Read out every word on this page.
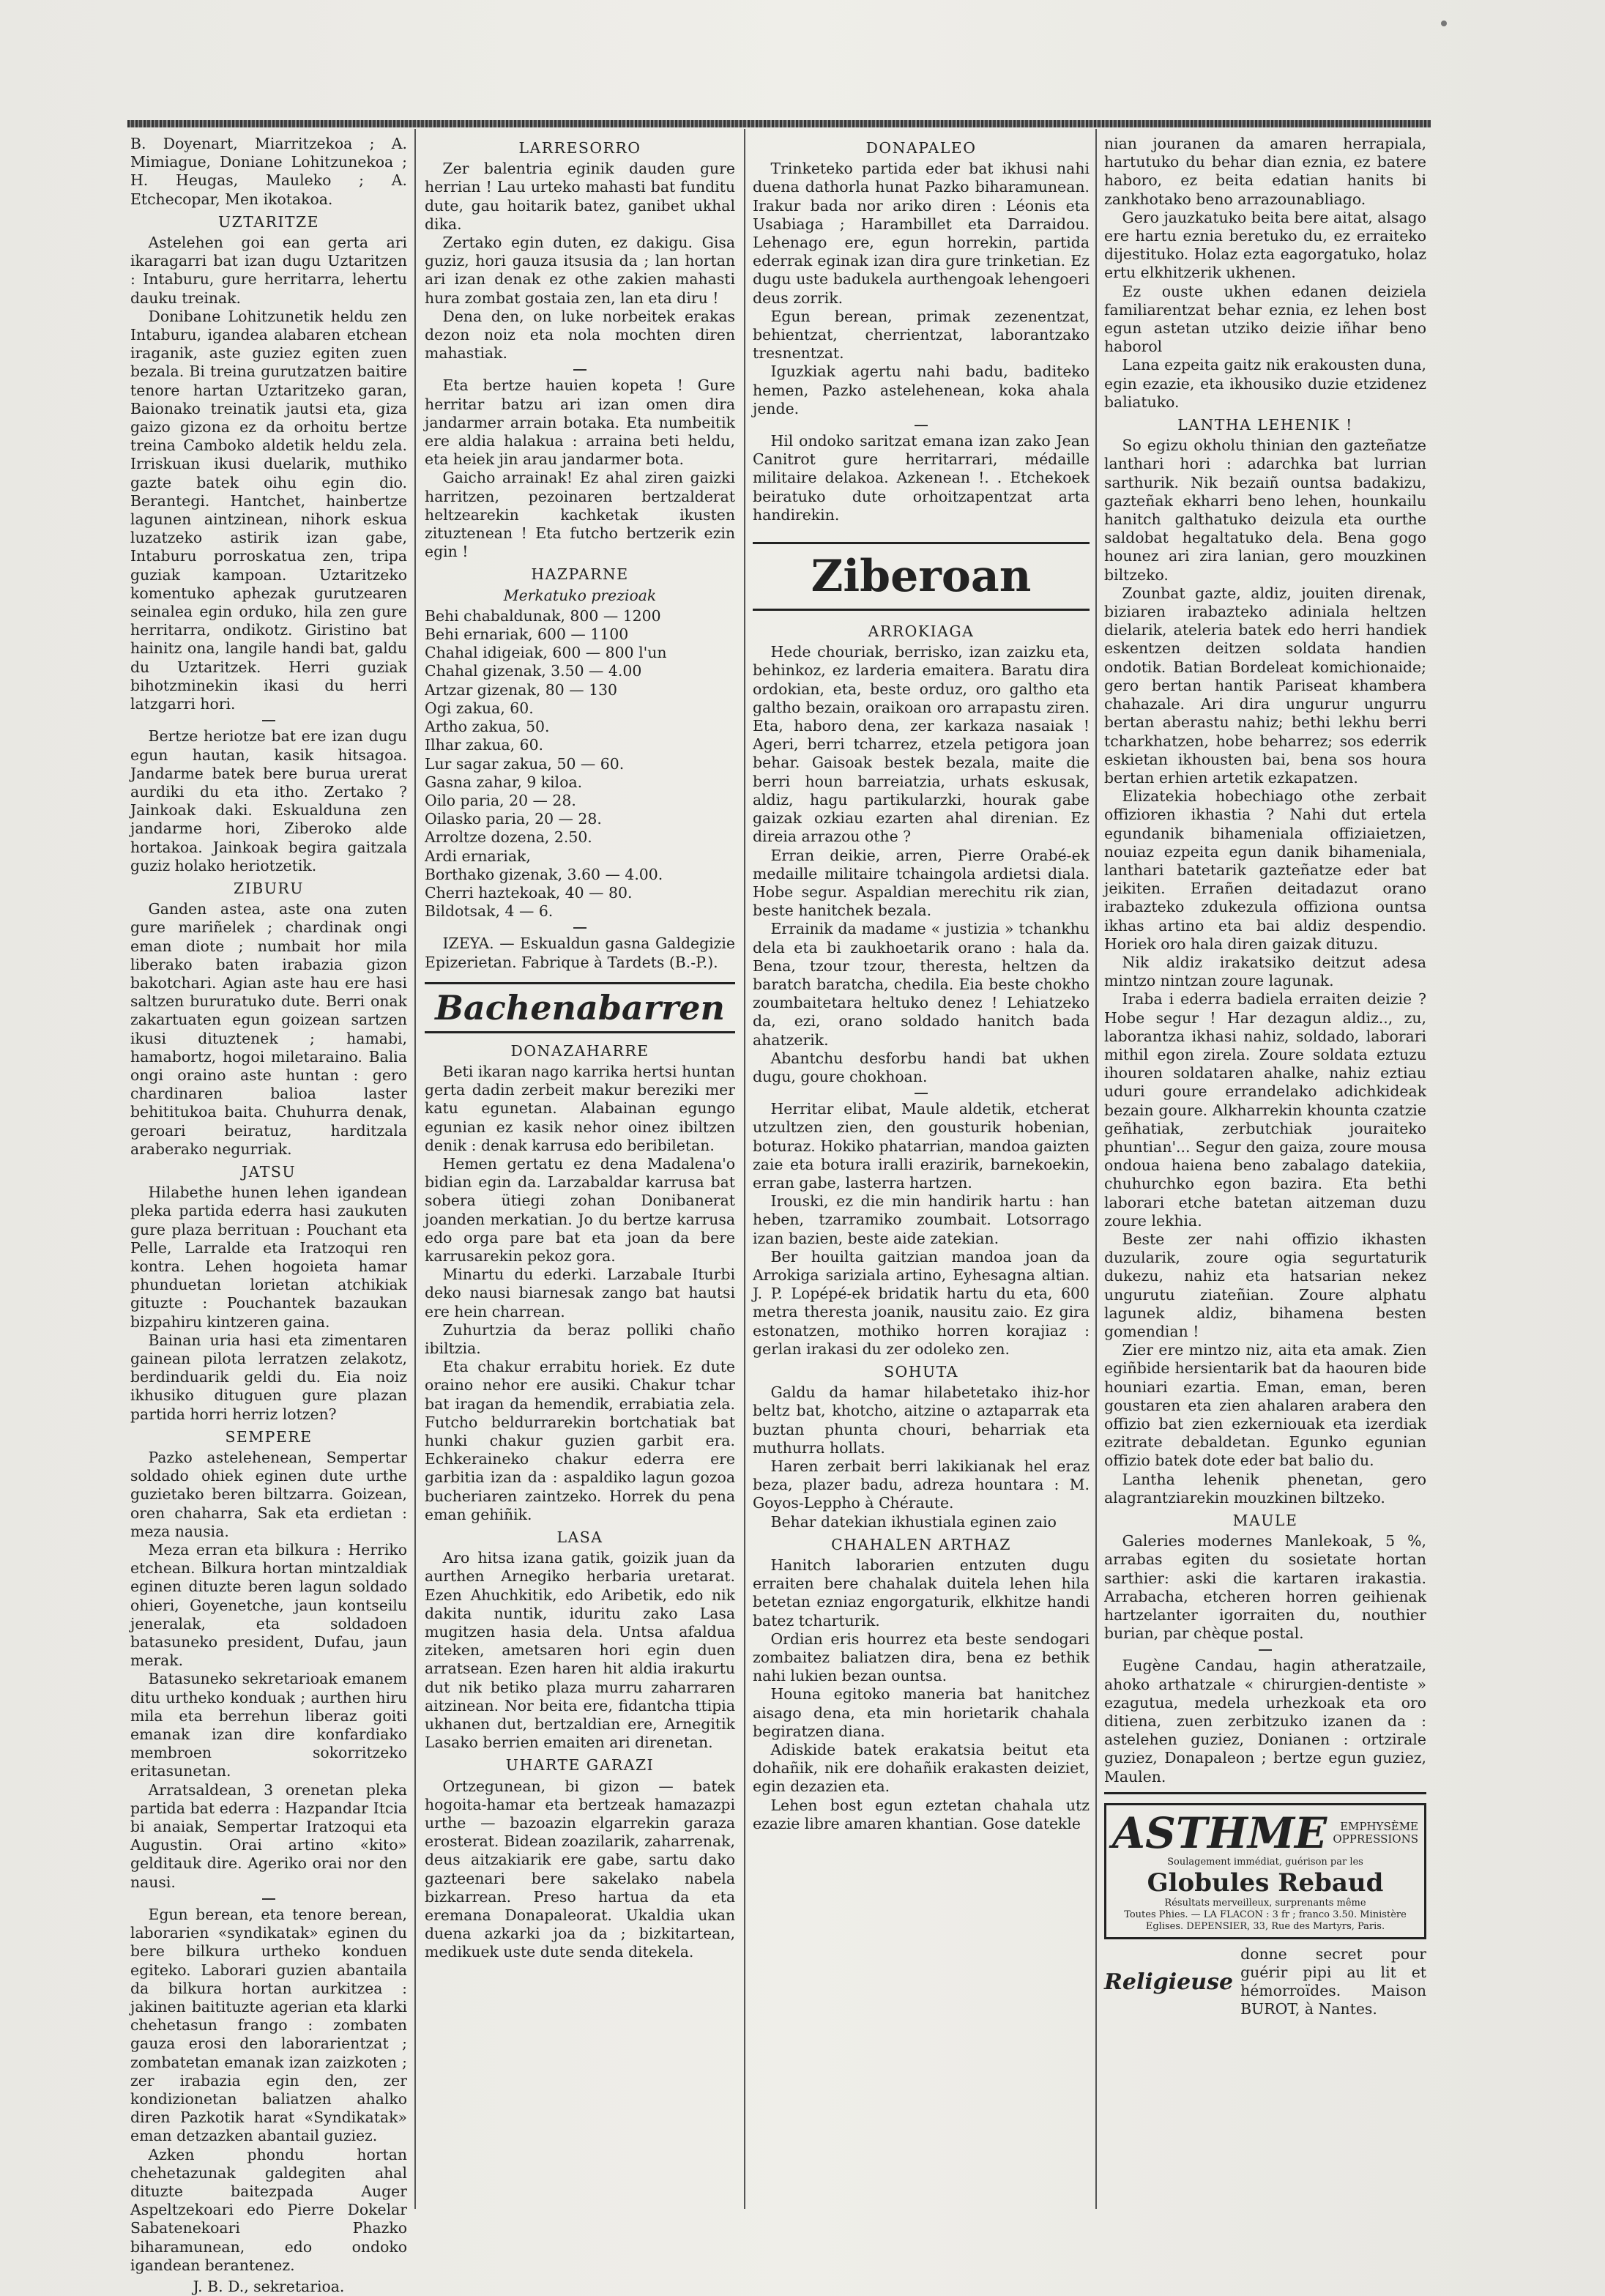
B. Doyenart, Miarritzekoa ; A. Mimiague, Doniane Lohitzunekoa ; H. Heugas, Mauleko ; A. Etchecopar, Men ikotakoa.

UZTARITZE

Astelehen goi ean gerta ari ikaragarri bat izan dugu Uztaritzen : Intaburu, gure herritarra, lehertu dauku treinak.

Donibane Lohitzunetik heldu zen Intaburu, igandea alabaren etchean iraganik, aste guziez egiten zuen bezala. Bi treina gurutzatzen baitire tenore hartan Uztaritzeko garan, Baionako treinatik jautsi eta, giza gaizo gizona ez da orhoitu bertze treina Camboko aldetik heldu zela. Irriskuan ikusi duelarik, muthiko gazte batek oihu egin dio. Berantegi. Hantchet, hainbertze lagunen aintzinean, nihork eskua luzatzeko astirik izan gabe, Intaburu porroskatua zen, tripa guziak kampoan. Uztaritzeko komentuko aphezak gurutzearen seinalea egin orduko, hila zen gure herritarra, ondikotz. Giristino bat hainitz ona, langile handi bat, galdu du Uztaritzek. Herri guziak bihotzminekin ikasi du herri latzgarri hori.

Bertze heriotze bat ere izan dugu egun hautan, kasik hitsagoa. Jandarme batek bere burua urerat aurdiki du eta itho. Zertako ? Jainkoak daki. Eskualduna zen jandarme hori, Ziberoko alde hortakoa. Jainkoak begira gaitzala guziz holako heriotzetik.

ZIBURU

Ganden astea, aste ona zuten gure mariñelek ; chardinak ongi eman diote ; numbait hor mila liberako baten irabazia gizon bakotchari. Agian aste hau ere hasi saltzen bururatuko dute. Berri onak zakartuaten egun goizean sartzen ikusi dituztenek ; hamabi, hamabortz, hogoi miletaraino. Balia ongi oraino aste huntan : gero chardinaren balioa laster behititukoa baita. Chuhurra denak, geroari beiratuz, harditzala araberako negurriak.

JATSU

Hilabethe hunen lehen igandean pleka partida ederra hasi zaukuten gure plaza berrituan : Pouchant eta Pelle, Larralde eta Iratzoqui ren kontra. Lehen hogoieta hamar phunduetan lorietan atchikiak gituzte : Pouchantek bazaukan bizpahiru kintzeren gaina.

Bainan uria hasi eta zimentaren gainean pilota lerratzen zelakotz, berdinduarik geldi du. Eia noiz ikhusiko dituguen gure plazan partida horri herriz lotzen?

SEMPERE

Pazko astelehenean, Sempertar soldado ohiek eginen dute urthe guzietako beren biltzarra. Goizean, oren chaharra, Sak eta erdietan : meza nausia.

Meza erran eta bilkura : Herriko etchean. Bilkura hortan mintzaldiak eginen dituzte beren lagun soldado ohieri, Goyenetche, jaun kontseilu jeneralak, eta soldadoen batasuneko president, Dufau, jaun merak.

Batasuneko sekretarioak emanem ditu urtheko konduak ; aurthen hiru mila eta berrehun liberaz goiti emanak izan dire konfardiako membroen sokorritzeko eritasunetan.

Arratsaldean, 3 orenetan pleka partida bat ederra : Hazpandar Itcia bi anaiak, Sempertar Iratzoqui eta Augustin. Orai artino «kito» gelditauk dire. Ageriko orai nor den nausi.

Egun berean, eta tenore berean, laborarien «syndikatak» eginen du bere bilkura urtheko konduen egiteko. Laborari guzien abantaila da bilkura hortan aurkitzea : jakinen baitituzte agerian eta klarki chehetasun frango : zombaten gauza erosi den laborarientzat ; zombatetan emanak izan zaizkoten ; zer irabazia egin den, zer kondizionetan baliatzen ahalko diren Pazkotik harat «Syndikatak» eman detzazken abantail guziez.

Azken phondu hortan chehetazunak galdegiten ahal dituzte baitezpada Auger Aspeltzekoari edo Pierre Dokelar Sabatenekoari Phazko biharamunean, edo ondoko igandean berantenez.

J. B. D., sekretarioa.
LARRESORRO

Zer balentria eginik dauden gure herrian ! Lau urteko mahasti bat funditu dute, gau hoitarik batez, ganibet ukhal dika.

Zertako egin duten, ez dakigu. Gisa guziz, hori gauza itsusia da ; lan hortan ari izan denak ez othe zakien mahasti hura zombat gostaia zen, lan eta diru !

Dena den, on luke norbeitek erakas dezon noiz eta nola mochten diren mahastiak.

Eta bertze hauien kopeta ! Gure herritar batzu ari izan omen dira jandarmer arrain botaka. Eta numbeitik ere aldia halakua : arraina beti heldu, eta heiek jin arau jandarmer bota.

Gaicho arrainak! Ez ahal ziren gaizki harritzen, pezoinaren bertzalderat heltzearekin kachketak ikusten zituztenean ! Eta futcho bertzerik ezin egin !

HAZPARNE
Merkatuko prezioak

Behi chabaldunak, 800 — 1200

Behi ernariak, 600 — 1100

Chahal idigeiak, 600 — 800 l'un

Chahal gizenak, 3.50 — 4.00

Artzar gizenak, 80 — 130

Ogi zakua, 60.

Artho zakua, 50.

Ilhar zakua, 60.

Lur sagar zakua, 50 — 60.

Gasna zahar, 9 kiloa.

Oilo paria, 20 — 28.

Oilasko paria, 20 — 28.

Arroltze dozena, 2.50.

Ardi ernariak,

Borthako gizenak, 3.60 — 4.00.

Cherri haztekoak, 40 — 80.

Bildotsak, 4 — 6.

IZEYA. — Eskualdun gasna Galdegizie Epizerietan. Fabrique à Tardets (B.-P.).

Bachenabarren
DONAZAHARRE

Beti ikaran nago karrika hertsi huntan gerta dadin zerbeit makur bereziki mer katu egunetan. Alabainan egungo egunian ez kasik nehor oinez ibiltzen denik : denak karrusa edo beribiletan.

Hemen gertatu ez dena Madalena'o bidian egin da. Larzabaldar karrusa bat sobera ütiegi zohan Donibanerat joanden merkatian. Jo du bertze karrusa edo orga pare bat eta joan da bere karrusarekin pekoz gora.

Minartu du ederki. Larzabale Iturbi deko nausi biarnesak zango bat hautsi ere hein charrean.

Zuhurtzia da beraz polliki chaño ibiltzia.

Eta chakur errabitu horiek. Ez dute oraino nehor ere ausiki. Chakur tchar bat iragan da hemendik, errabiatia zela. Futcho beldurrarekin bortchatiak bat hunki chakur guzien garbit era. Echkeraineko chakur ederra ere garbitia izan da : aspaldiko lagun gozoa bucheriaren zaintzeko. Horrek du pena eman gehiñik.

LASA

Aro hitsa izana gatik, goizik juan da aurthen Arnegiko herbaria uretarat. Ezen Ahuchkitik, edo Aribetik, edo nik dakita nuntik, iduritu zako Lasa mugitzen hasia dela. Untsa afaldua ziteken, ametsaren hori egin duen arratsean. Ezen haren hit aldia irakurtu dut nik betiko plaza murru zaharraren aitzinean. Nor beita ere, fidantcha ttipia ukhanen dut, bertzaldian ere, Arnegitik Lasako berrien emaiten ari direnetan.

UHARTE GARAZI

Ortzegunean, bi gizon — batek hogoita-hamar eta bertzeak hamazazpi urthe — bazoazin elgarrekin garaza erosterat. Bidean zoazilarik, zaharrenak, deus aitzakiarik ere gabe, sartu dako gazteenari bere sakelako nabela bizkarrean. Preso hartua da eta eremana Donapaleorat. Ukaldia ukan duena azkarki joa da ; bizkitartean, medikuek uste dute senda ditekela.

DONAPALEO

Trinketeko partida eder bat ikhusi nahi duena dathorla hunat Pazko biharamunean. Irakur bada nor ariko diren : Léonis eta Usabiaga ; Harambillet eta Darraidou. Lehenago ere, egun horrekin, partida ederrak eginak izan dira gure trinketian. Ez dugu uste badukela aurthengoak lehengoeri deus zorrik.

Egun berean, primak zezenentzat, behientzat, cherrientzat, laborantzako tresnentzat.

Iguzkiak agertu nahi badu, baditeko hemen, Pazko astelehenean, koka ahala jende.

Hil ondoko saritzat emana izan zako Jean Canitrot gure herritarrari, médaille militaire delakoa. Azkenean !. . Etchekoek beiratuko dute orhoitzapentzat arta handirekin.

Ziberoan
ARROKIAGA

Hede chouriak, berrisko, izan zaizku eta, behinkoz, ez larderia emaitera. Baratu dira ordokian, eta, beste orduz, oro galtho eta galtho bezain, oraikoan oro arrapastu ziren. Eta, haboro dena, zer karkaza nasaiak ! Ageri, berri tcharrez, etzela petigora joan behar. Gaisoak bestek bezala, maite die berri houn barreiatzia, urhats eskusak, aldiz, hagu partikularzki, hourak gabe gaizak ozkiau ezarten ahal direnian. Ez direia arrazou othe ?

Erran deikie, arren, Pierre Orabé-ek medaille militaire tchaingola ardietsi diala. Hobe segur. Aspaldian merechitu rik zian, beste hanitchek bezala.

Errainik da madame « justizia » tchankhu dela eta bi zaukhoetarik orano : hala da. Bena, tzour tzour, theresta, heltzen da baratch baratcha, chedila. Eia beste chokho zoumbaitetara heltuko denez ! Lehiatzeko da, ezi, orano soldado hanitch bada ahatzerik.

Abantchu desforbu handi bat ukhen dugu, goure chokhoan.

Herritar elibat, Maule aldetik, etcherat utzultzen zien, den gousturik hobenian, boturaz. Hokiko phatarrian, mandoa gaizten zaie eta botura iralli erazirik, barnekoekin, erran gabe, lasterra hartzen.

Irouski, ez die min handirik hartu : han heben, tzarramiko zoumbait. Lotsorrago izan bazien, beste aide zatekian.

Ber houilta gaitzian mandoa joan da Arrokiga sariziala artino, Eyhesagna altian. J. P. Lopépé-ek bridatik hartu du eta, 600 metra theresta joanik, nausitu zaio. Ez gira estonatzen, mothiko horren korajiaz : gerlan irakasi du zer odoleko zen.

SOHUTA

Galdu da hamar hilabetetako ihiz-hor beltz bat, khotcho, aitzine o aztaparrak eta buztan phunta chouri, beharriak eta muthurra hollats.

Haren zerbait berri lakikianak hel eraz beza, plazer badu, adreza hountara : M. Goyos-Leppho à Chéraute.

Behar datekian ikhustiala eginen zaio

CHAHALEN ARTHAZ

Hanitch laborarien entzuten dugu erraiten bere chahalak duitela lehen hila betetan ezniaz engorgaturik, elkhitze handi batez tcharturik.

Ordian eris hourrez eta beste sendogari zombaitez baliatzen dira, bena ez bethik nahi lukien bezan ountsa.

Houna egitoko maneria bat hanitchez aisago dena, eta min horietarik chahala begiratzen diana.

Adiskide batek erakatsia beitut eta dohañik, nik ere dohañik erakasten deiziet, egin dezazien eta.

Lehen bost egun eztetan chahala utz ezazie libre amaren khantian. Gose datekle

nian jouranen da amaren herrapiala, hartutuko du behar dian eznia, ez batere haboro, ez beita edatian hanits bi zankhotako beno arrazounabliago.

Gero jauzkatuko beita bere aitat, alsago ere hartu eznia beretuko du, ez erraiteko dijestituko. Holaz ezta eagorgatuko, holaz ertu elkhitzerik ukhenen.

Ez ouste ukhen edanen deiziela familiarentzat behar eznia, ez lehen bost egun astetan utziko deizie iñhar beno haborol

Lana ezpeita gaitz nik erakousten duna, egin ezazie, eta ikhousiko duzie etzidenez baliatuko.

LANTHA LEHENIK !

So egizu okholu thinian den gazteñatze lanthari hori : adarchka bat lurrian sarthurik. Nik bezaiñ ountsa badakizu, gazteñak ekharri beno lehen, hounkailu hanitch galthatuko deizula eta ourthe saldobat hegaltatuko dela. Bena gogo hounez ari zira lanian, gero mouzkinen biltzeko.

Zounbat gazte, aldiz, jouiten direnak, biziaren irabazteko adiniala heltzen dielarik, ateleria batek edo herri handiek eskentzen deitzen soldata handien ondotik. Batian Bordeleat komichionaide; gero bertan hantik Pariseat khambera chahazale. Ari dira ungurur ungurru bertan aberastu nahiz; bethi lekhu berri tcharkhatzen, hobe beharrez; sos ederrik eskietan ikhousten bai, bena sos houra bertan erhien artetik ezkapatzen.

Elizatekia hobechiago othe zerbait offizioren ikhastia ? Nahi dut ertela egundanik bihameniala offiziaietzen, nouiaz ezpeita egun danik bihameniala, lanthari batetarik gazteñatze eder bat jeikiten. Errañen deitadazut orano irabazteko zdukezula offiziona ountsa ikhas artino eta bai aldiz despendio. Horiek oro hala diren gaizak dituzu.

Nik aldiz irakatsiko deitzut adesa mintzo nintzan zoure lagunak.

Iraba i ederra badiela erraiten deizie ? Hobe segur ! Har dezagun aldiz.., zu, laborantza ikhasi nahiz, soldado, laborari mithil egon zirela. Zoure soldata eztuzu ihouren soldataren ahalke, nahiz eztiau uduri goure errandelako adichkideak bezain goure. Alkharrekin khounta czatzie geñhatiak, zerbutchiak jouraiteko phuntian'... Segur den gaiza, zoure mousa ondoua haiena beno zabalago datekiia, chuhurchko egon bazira. Eta bethi laborari etche batetan aitzeman duzu zoure lekhia.

Beste zer nahi offizio ikhasten duzularik, zoure ogia segurtaturik dukezu, nahiz eta hatsarian nekez ungurutu ziateñian. Zoure alphatu lagunek aldiz, bihamena besten gomendian !

Zier ere mintzo niz, aita eta amak. Zien egiñbide hersientarik bat da haouren bide houniari ezartia. Eman, eman, beren goustaren eta zien ahalaren arabera den offizio bat zien ezkerniouak eta izerdiak ezitrate debaldetan. Egunko egunian offizio batek dote eder bat balio du.

Lantha lehenik phenetan, gero alagrantziarekin mouzkinen biltzeko.

MAULE

Galeries modernes Manlekoak, 5 %, arrabas egiten du sosietate hortan sarthier: aski die kartaren irakastia. Arrabacha, etcheren horren geihienak hartzelanter igorraiten du, nouthier burian, par chèque postal.

Eugène Candau, hagin atheratzaile, ahoko arthatzale « chirurgien-dentiste » ezagutua, medela urhezkoak eta oro ditiena, zuen zerbitzuko izanen da : astelehen guziez, Donianen : ortzirale guziez, Donapaleon ; bertze egun guziez, Maulen.

ASTHME	EMPHYSÈME OPPRESSIONS
Soulagement immédiat, guérison par les
Globules Rebaud
Résultats merveilleux, surprenants même
Toutes Phies. — LA FLACON : 3 fr ; franco 3.50. Ministère Eglises. DEPENSIER, 33, Rue des Martyrs, Paris.
Religieuse
donne secret pour guérir pipi au lit et hémorroïdes. Maison BUROT, à Nantes.
